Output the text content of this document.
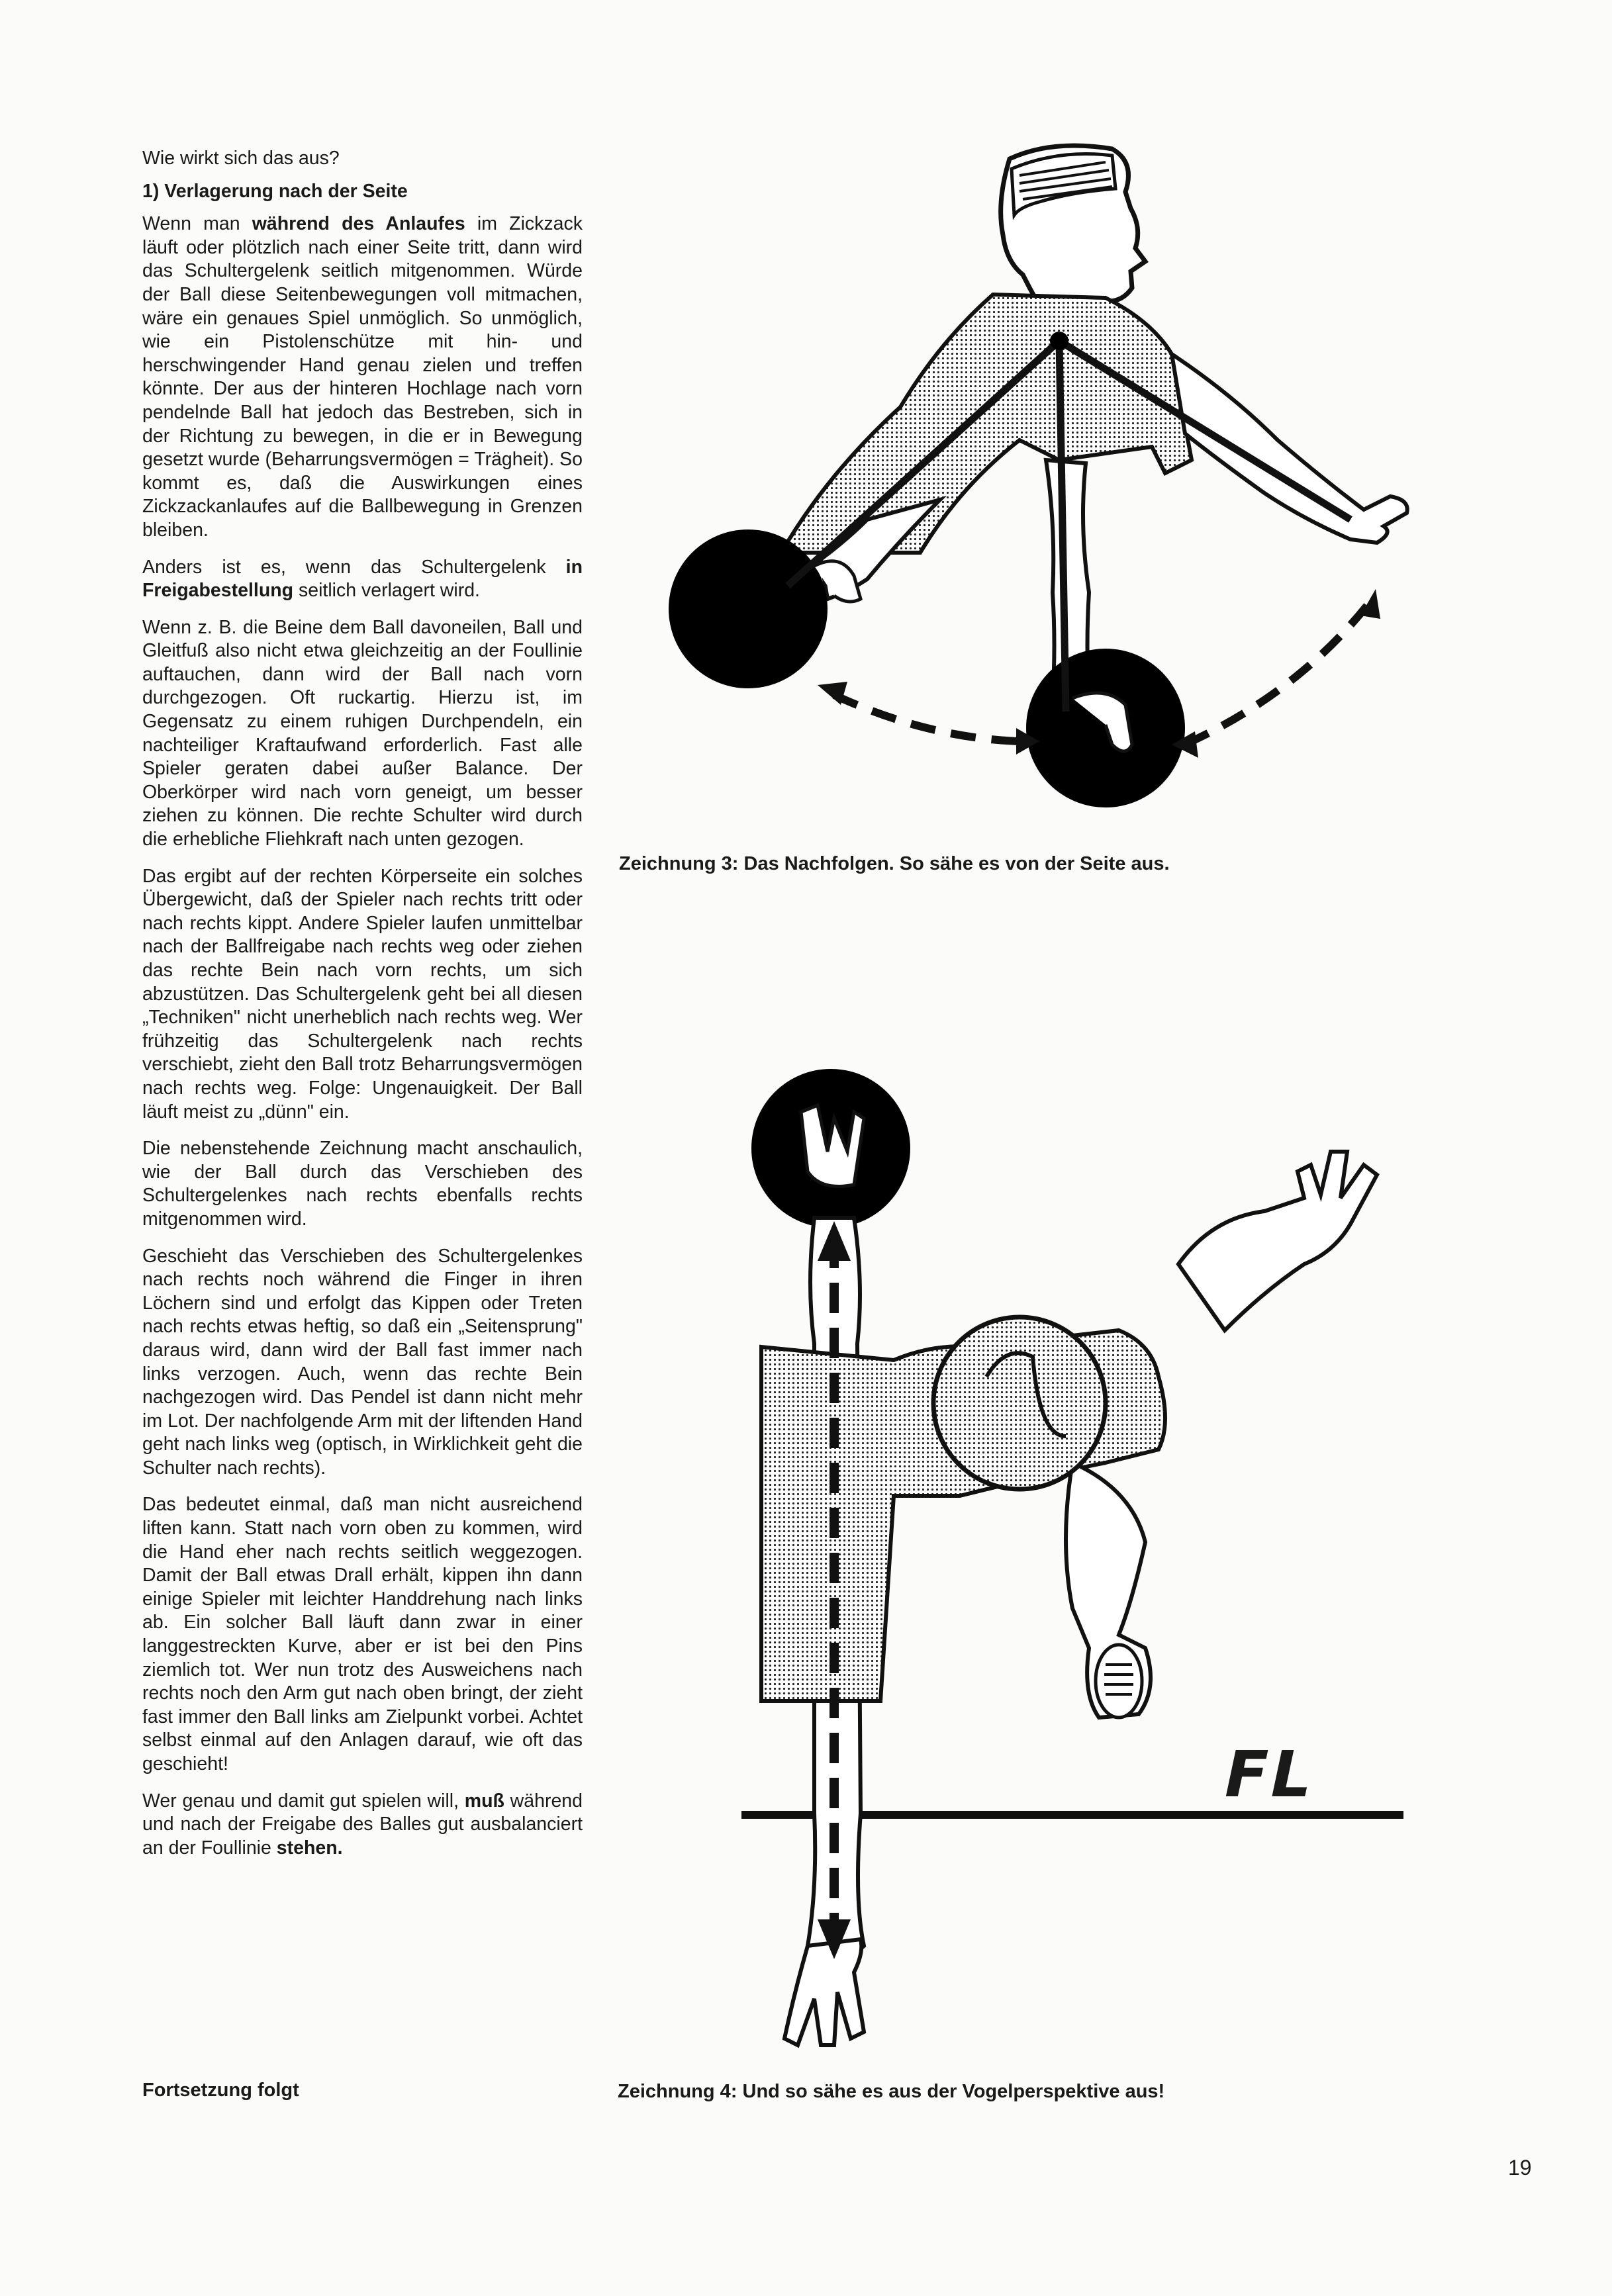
Wie wirkt sich das aus?

1) Verlagerung nach der Seite

Wenn man während des Anlaufes im Zickzack läuft oder plötzlich nach einer Seite tritt, dann wird das Schultergelenk seitlich mitgenommen. Würde der Ball diese Seitenbewegungen voll mitmachen, wäre ein genaues Spiel unmöglich. So unmöglich, wie ein Pistolenschütze mit hin- und herschwingender Hand genau zielen und treffen könnte. Der aus der hinteren Hochlage nach vorn pendelnde Ball hat jedoch das Bestreben, sich in der Richtung zu bewegen, in die er in Bewegung gesetzt wurde (Beharrungsvermögen = Trägheit). So kommt es, daß die Auswirkungen eines Zickzackanlaufes auf die Ballbewegung in Grenzen bleiben.

Anders ist es, wenn das Schultergelenk in Freigabestellung seitlich verlagert wird.

Wenn z. B. die Beine dem Ball davoneilen, Ball und Gleitfuß also nicht etwa gleichzeitig an der Foullinie auftauchen, dann wird der Ball nach vorn durchgezogen. Oft ruckartig. Hierzu ist, im Gegensatz zu einem ruhigen Durchpendeln, ein nachteiliger Kraftaufwand erforderlich. Fast alle Spieler geraten dabei außer Balance. Der Oberkörper wird nach vorn geneigt, um besser ziehen zu können. Die rechte Schulter wird durch die erhebliche Fliehkraft nach unten gezogen.

Das ergibt auf der rechten Körperseite ein solches Übergewicht, daß der Spieler nach rechts tritt oder nach rechts kippt. Andere Spieler laufen unmittelbar nach der Ballfreigabe nach rechts weg oder ziehen das rechte Bein nach vorn rechts, um sich abzustützen. Das Schultergelenk geht bei all diesen „Techniken" nicht unerheblich nach rechts weg. Wer frühzeitig das Schultergelenk nach rechts verschiebt, zieht den Ball trotz Beharrungsvermögen nach rechts weg. Folge: Ungenauigkeit. Der Ball läuft meist zu „dünn" ein.

Die nebenstehende Zeichnung macht anschaulich, wie der Ball durch das Verschieben des Schultergelenkes nach rechts ebenfalls rechts mitgenommen wird.

Geschieht das Verschieben des Schultergelenkes nach rechts noch während die Finger in ihren Löchern sind und erfolgt das Kippen oder Treten nach rechts etwas heftig, so daß ein „Seitensprung" daraus wird, dann wird der Ball fast immer nach links verzogen. Auch, wenn das rechte Bein nachgezogen wird. Das Pendel ist dann nicht mehr im Lot. Der nachfolgende Arm mit der liftenden Hand geht nach links weg (optisch, in Wirklichkeit geht die Schulter nach rechts).

Das bedeutet einmal, daß man nicht ausreichend liften kann. Statt nach vorn oben zu kommen, wird die Hand eher nach rechts seitlich weggezogen. Damit der Ball etwas Drall erhält, kippen ihn dann einige Spieler mit leichter Handdrehung nach links ab. Ein solcher Ball läuft dann zwar in einer langgestreckten Kurve, aber er ist bei den Pins ziemlich tot. Wer nun trotz des Ausweichens nach rechts noch den Arm gut nach oben bringt, der zieht fast immer den Ball links am Zielpunkt vorbei. Achtet selbst einmal auf den Anlagen darauf, wie oft das geschieht!

Wer genau und damit gut spielen will, muß während und nach der Freigabe des Balles gut ausbalanciert an der Foullinie stehen.

Fortsetzung folgt
Zeichnung 3: Das Nachfolgen. So sähe es von der Seite aus.
FL
Zeichnung 4: Und so sähe es aus der Vogelperspektive aus!
19
